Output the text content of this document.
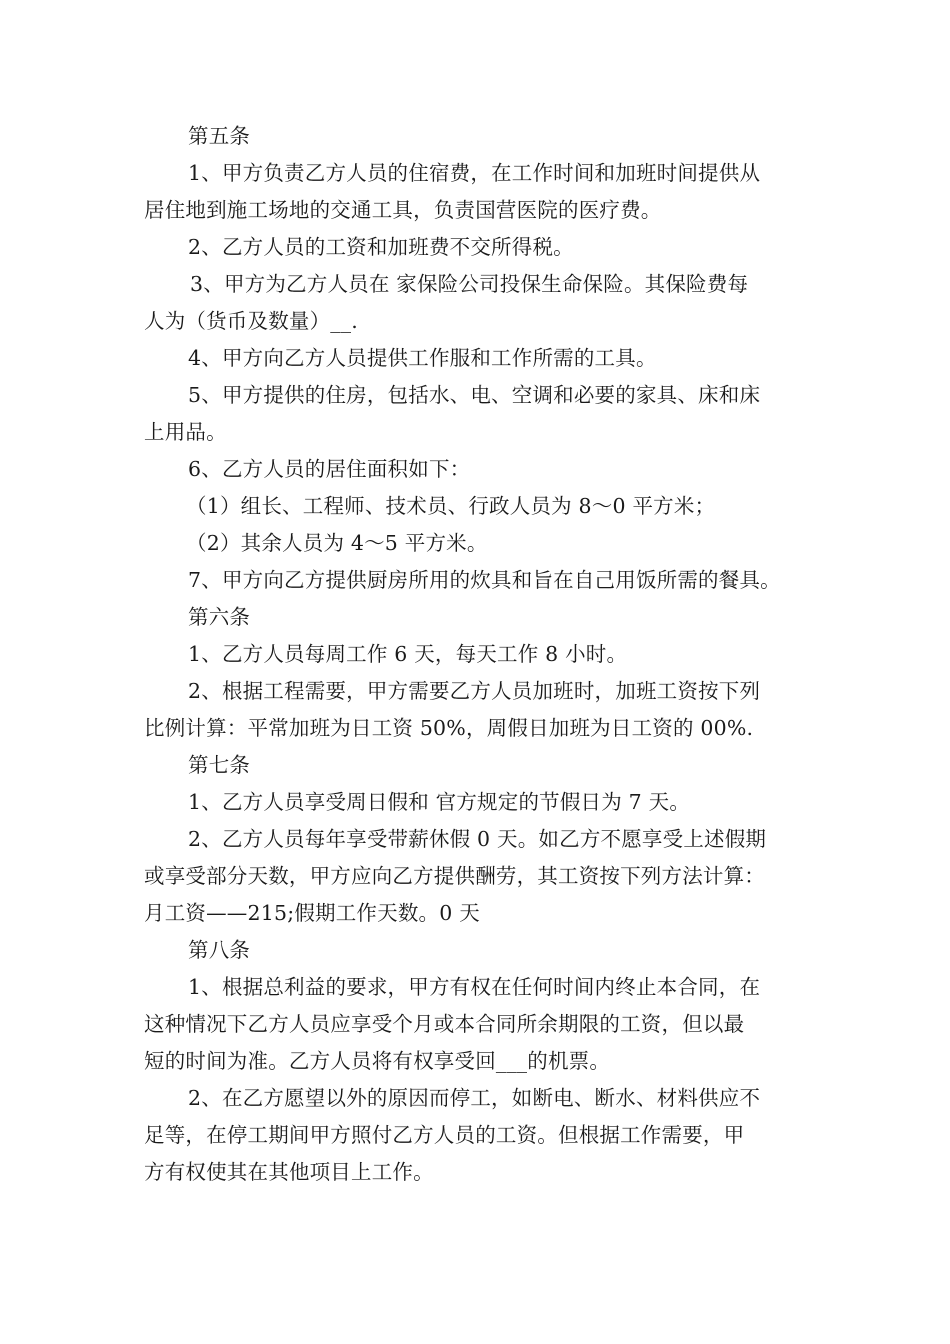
第五条
1、甲方负责乙方人员的住宿费，在工作时间和加班时间提供从
居住地到施工场地的交通工具，负责国营医院的医疗费。
2、乙方人员的工资和加班费不交所得税。
3、甲方为乙方人员在 家保险公司投保生命保险。其保险费每
人为（货币及数量）__.
4、甲方向乙方人员提供工作服和工作所需的工具。
5、甲方提供的住房，包括水、电、空调和必要的家具、床和床
上用品。
6、乙方人员的居住面积如下：
（1）组长、工程师、技术员、行政人员为 8～0 平方米；
（2）其余人员为 4～5 平方米。
7、甲方向乙方提供厨房所用的炊具和旨在自己用饭所需的餐具。
第六条
1、乙方人员每周工作 6 天，每天工作 8 小时。
2、根据工程需要，甲方需要乙方人员加班时，加班工资按下列
比例计算：平常加班为日工资 50%，周假日加班为日工资的 00%.
第七条
1、乙方人员享受周日假和 官方规定的节假日为 7 天。
2、乙方人员每年享受带薪休假 0 天。如乙方不愿享受上述假期
或享受部分天数，甲方应向乙方提供酬劳，其工资按下列方法计算：
月工资——215;假期工作天数。0 天
第八条
1、根据总利益的要求，甲方有权在任何时间内终止本合同，在
这种情况下乙方人员应享受个月或本合同所余期限的工资，但以最
短的时间为准。乙方人员将有权享受回___的机票。
2、在乙方愿望以外的原因而停工，如断电、断水、材料供应不
足等，在停工期间甲方照付乙方人员的工资。但根据工作需要，甲
方有权使其在其他项目上工作。
